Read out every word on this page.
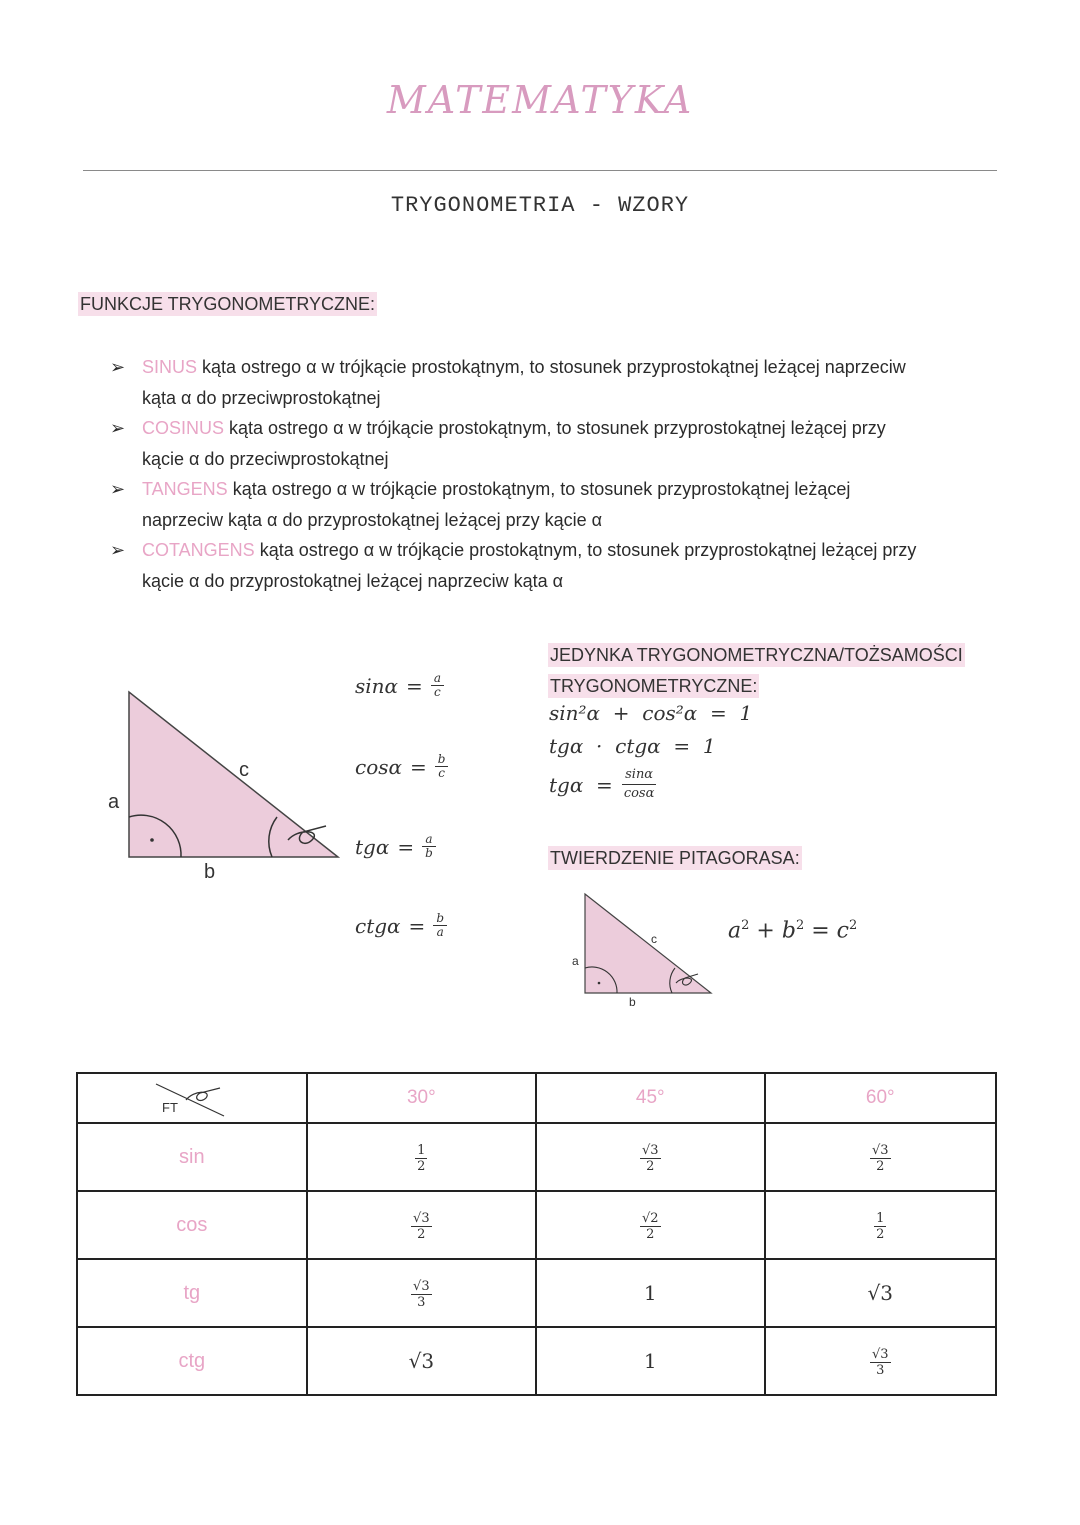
MATEMATYKA
TRYGONOMETRIA - WZORY
FUNKCJE TRYGONOMETRYCZNE:
➢ SINUS kąta ostrego α w trójkącie prostokątnym, to stosunek przyprostokątnej leżącej naprzeciw
kąta α do przeciwprostokątnej
➢ COSINUS kąta ostrego α w trójkącie prostokątnym, to stosunek przyprostokątnej leżącej przy
kącie α do przeciwprostokątnej
➢ TANGENS kąta ostrego α w trójkącie prostokątnym, to stosunek przyprostokątnej leżącej
naprzeciw kąta α do przyprostokątnej leżącej przy kącie α
➢ COTANGENS kąta ostrego α w trójkącie prostokątnym, to stosunek przyprostokątnej leżącej przy
kącie α do przyprostokątnej leżącej naprzeciw kąta α
a
b
c
$\sin\alpha = \frac{a}{c}$
$\cos\alpha = \frac{b}{c}$
$tg\alpha = \frac{a}{b}$
$ctg\alpha = \frac{b}{a}$
JEDYNKA TRYGONOMETRYCZNA/TOŻSAMOŚCI
TRYGONOMETRYCZNE:
sin²α  +  cos²α  =  1
tgα  ·  ctgα  =  1
$tg\alpha = \frac{\sin\alpha}{\cos\alpha}$
TWIERDZENIE PITAGORASA:
a
b
c	$a^2 + b^2 = c^2$
FT	30°	45°	60°
sin	$\frac{1}{2}$	$\frac{√3}{2}$	$\frac{√3}{2}$

cos	$\frac{√3}{2}$	$\frac{√2}{2}$	$\frac{1}{2}$

tg	$\frac{√3}{3}$	1	√3
ctg	√3	1	$\frac{√3}{3}$
